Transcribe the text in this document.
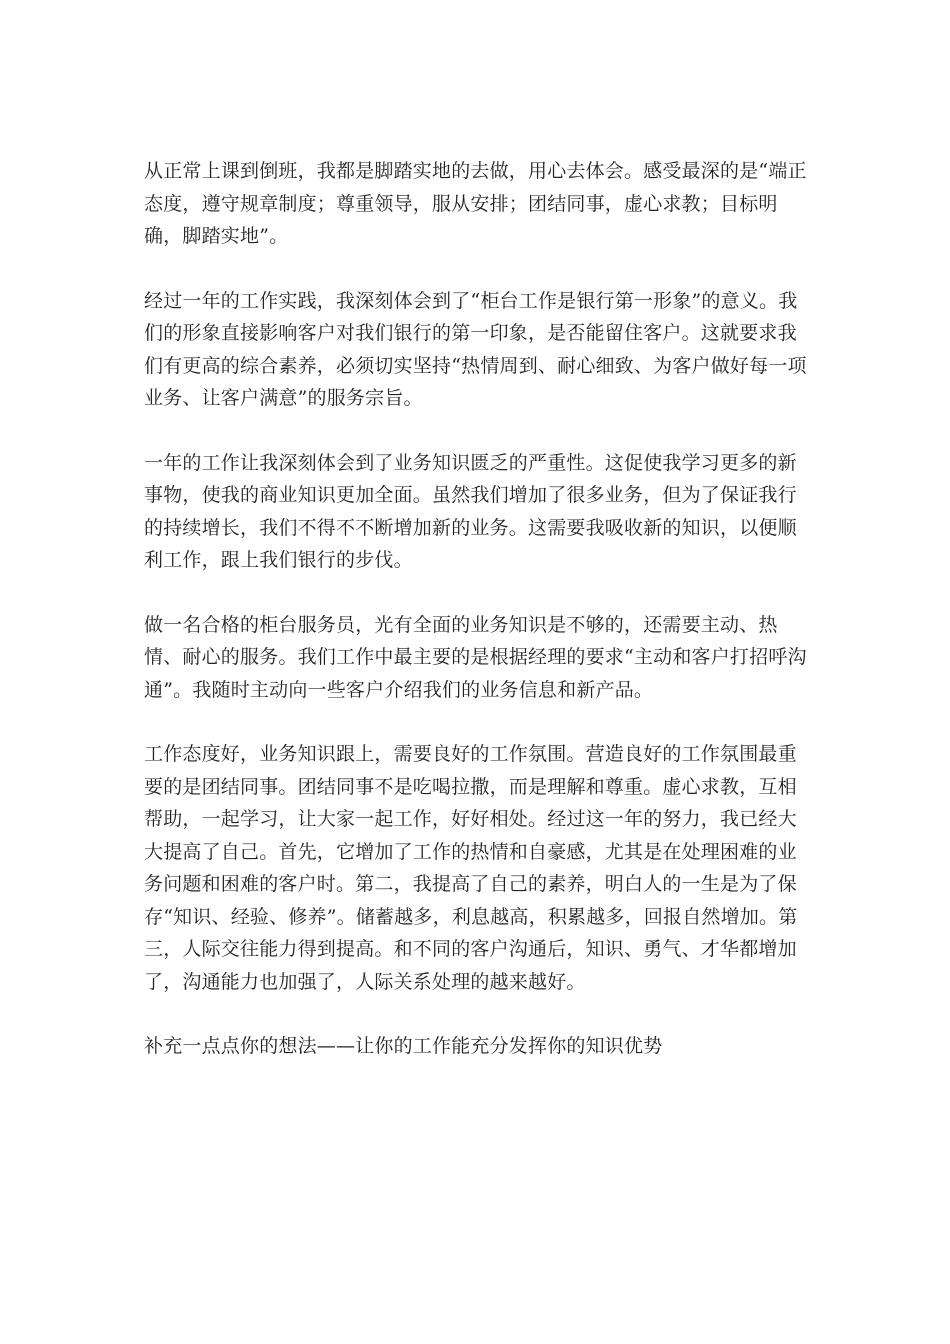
从正常上课到倒班，我都是脚踏实地的去做，用心去体会。感受最深的是“端正态度，遵守规章制度；尊重领导，服从安排；团结同事，虚心求教；目标明确，脚踏实地”。

经过一年的工作实践，我深刻体会到了“柜台工作是银行第一形象”的意义。我们的形象直接影响客户对我们银行的第一印象，是否能留住客户。这就要求我们有更高的综合素养，必须切实坚持“热情周到、耐心细致、为客户做好每一项业务、让客户满意”的服务宗旨。

一年的工作让我深刻体会到了业务知识匮乏的严重性。这促使我学习更多的新事物，使我的商业知识更加全面。虽然我们增加了很多业务，但为了保证我行的持续增长，我们不得不不断增加新的业务。这需要我吸收新的知识，以便顺利工作，跟上我们银行的步伐。

做一名合格的柜台服务员，光有全面的业务知识是不够的，还需要主动、热情、耐心的服务。我们工作中最主要的是根据经理的要求“主动和客户打招呼沟通”。我随时主动向一些客户介绍我们的业务信息和新产品。

工作态度好，业务知识跟上，需要良好的工作氛围。营造良好的工作氛围最重要的是团结同事。团结同事不是吃喝拉撒，而是理解和尊重。虚心求教，互相帮助，一起学习，让大家一起工作，好好相处。经过这一年的努力，我已经大大提高了自己。首先，它增加了工作的热情和自豪感，尤其是在处理困难的业务问题和困难的客户时。第二，我提高了自己的素养，明白人的一生是为了保存“知识、经验、修养”。储蓄越多，利息越高，积累越多，回报自然增加。第三，人际交往能力得到提高。和不同的客户沟通后，知识、勇气、才华都增加了，沟通能力也加强了，人际关系处理的越来越好。

补充一点点你的想法——让你的工作能充分发挥你的知识优势
